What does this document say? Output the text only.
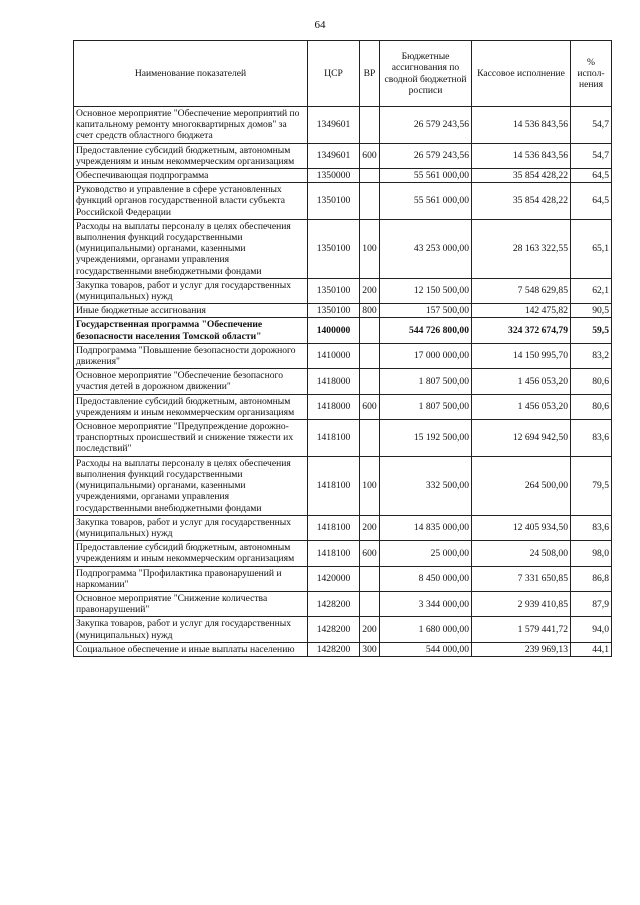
64
Наименование показателей	ЦСР	ВР	Бюджетные ассигнования по сводной бюджетной росписи	Кассовое исполнение	% испол-нения
Основное мероприятие "Обеспечение мероприятий по капитальному ремонту многоквартирных домов" за счет средств областного бюджета	1349601		26 579 243,56	14 536 843,56	54,7
Предоставление субсидий бюджетным, автономным учреждениям и иным некоммерческим организациям	1349601	600	26 579 243,56	14 536 843,56	54,7
Обеспечивающая подпрограмма	1350000		55 561 000,00	35 854 428,22	64,5
Руководство и управление в сфере установленных функций органов государственной власти субъекта Российской Федерации	1350100		55 561 000,00	35 854 428,22	64,5
Расходы на выплаты персоналу в целях обеспечения выполнения функций государственными (муниципальными) органами, казенными учреждениями, органами управления государственными внебюджетными фондами	1350100	100	43 253 000,00	28 163 322,55	65,1
Закупка товаров, работ и услуг для государственных (муниципальных) нужд	1350100	200	12 150 500,00	7 548 629,85	62,1
Иные бюджетные ассигнования	1350100	800	157 500,00	142 475,82	90,5
Государственная программа "Обеспечение безопасности населения Томской области"	1400000		544 726 800,00	324 372 674,79	59,5
Подпрограмма "Повышение безопасности дорожного движения"	1410000		17 000 000,00	14 150 995,70	83,2
Основное мероприятие "Обеспечение безопасного участия детей в дорожном движении"	1418000		1 807 500,00	1 456 053,20	80,6
Предоставление субсидий бюджетным, автономным учреждениям и иным некоммерческим организациям	1418000	600	1 807 500,00	1 456 053,20	80,6
Основное мероприятие "Предупреждение дорожно-транспортных происшествий и снижение тяжести их последствий"	1418100		15 192 500,00	12 694 942,50	83,6
Расходы на выплаты персоналу в целях обеспечения выполнения функций государственными (муниципальными) органами, казенными учреждениями, органами управления государственными внебюджетными фондами	1418100	100	332 500,00	264 500,00	79,5
Закупка товаров, работ и услуг для государственных (муниципальных) нужд	1418100	200	14 835 000,00	12 405 934,50	83,6
Предоставление субсидий бюджетным, автономным учреждениям и иным некоммерческим организациям	1418100	600	25 000,00	24 508,00	98,0
Подпрограмма "Профилактика правонарушений и наркомании"	1420000		8 450 000,00	7 331 650,85	86,8
Основное мероприятие "Снижение количества правонарушений"	1428200		3 344 000,00	2 939 410,85	87,9
Закупка товаров, работ и услуг для государственных (муниципальных) нужд	1428200	200	1 680 000,00	1 579 441,72	94,0
Социальное обеспечение и иные выплаты населению	1428200	300	544 000,00	239 969,13	44,1
